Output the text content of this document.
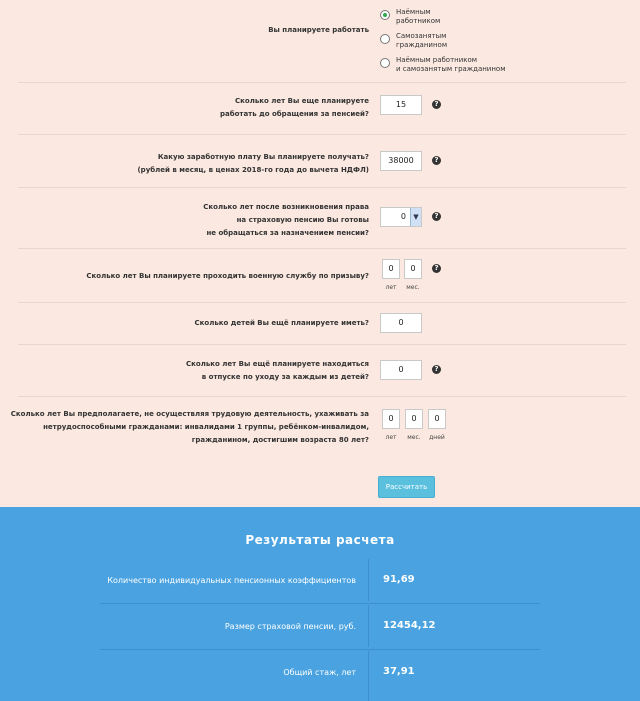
Вы планируете работать
Наёмным
работником
Самозанятым
гражданином
Наёмным работником
и самозанятым гражданином
Сколько лет Вы еще планируете
работать до обращения за пенсией?
15	?
Какую заработную плату Вы планируете получать?
(рублей в месяц, в ценах 2018-го года до вычета НДФЛ)
38000	?
Сколько лет после возникновения права
на страховую пенсию Вы готовы
не обращаться за назначением пенсии?
0	▼	?
Сколько лет Вы планируете проходить военную службу по призыву?
0	0	?
лет	мес.
Сколько детей Вы ещё планируете иметь?	0
Сколько лет Вы ещё планируете находиться
в отпуске по уходу за каждым из детей?
0	?
Сколько лет Вы предполагаете, не осуществляя трудовую деятельность, ухаживать за
нетрудоспособными гражданами: инвалидами 1 группы, ребёнком-инвалидом,
гражданином, достигшим возраста 80 лет?
0	0	0
лет	мес.	дней
Рассчитать
Результаты расчета
Количество индивидуальных пенсионных коэффициентов	91,69
Размер страховой пенсии, руб.	12454,12
Общий стаж, лет	37,91
